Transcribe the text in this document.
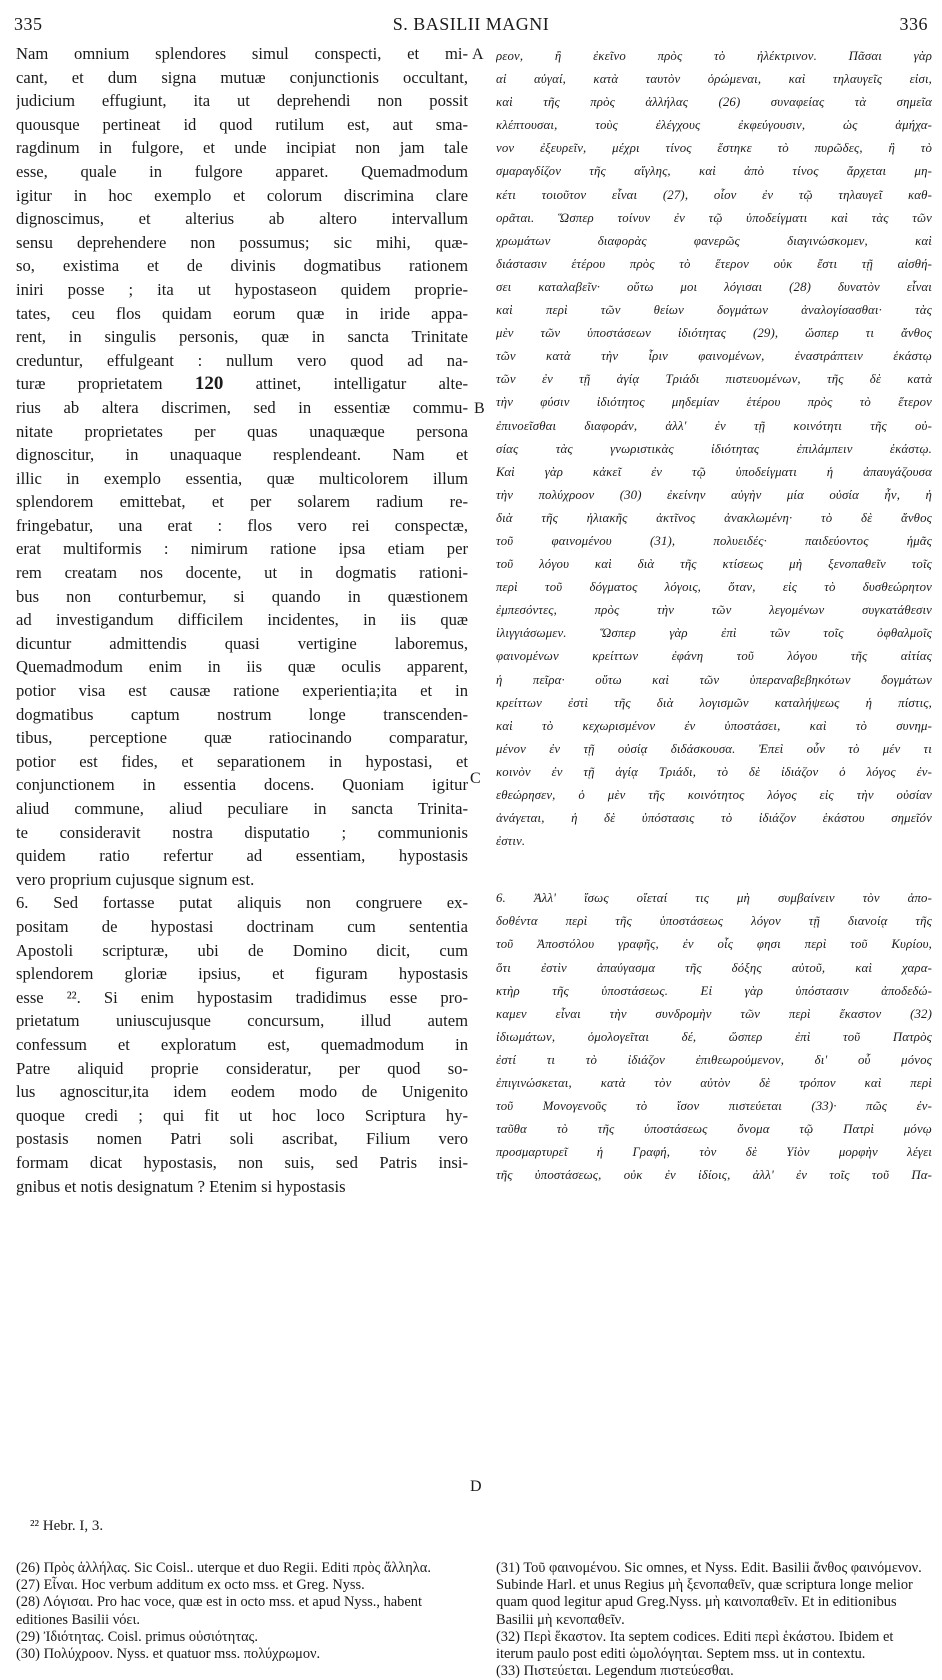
335	S. BASILII MAGNI	336
A
B
C
D
Nam omnium splendores simul conspecti, et mi-
cant, et dum signa mutuæ conjunctionis occultant,
judicium effugiunt, ita ut deprehendi non possit
quousque pertineat id quod rutilum est, aut sma-
ragdinum in fulgore, et unde incipiat non jam tale
esse, quale in fulgore apparet. Quemadmodum
igitur in hoc exemplo et colorum discrimina clare
dignoscimus, et alterius ab altero intervallum
sensu deprehendere non possumus; sic mihi, quæ-
so, existima et de divinis dogmatibus rationem
iniri posse ; ita ut hypostaseon quidem proprie-
tates, ceu flos quidam eorum quæ in iride appa-
rent, in singulis personis, quæ in sancta Trinitate
creduntur, effulgeant : nullum vero quod ad na-
turæ proprietatem 120 attinet, intelligatur alte-
rius ab altera discrimen, sed in essentiæ commu-
nitate proprietates per quas unaquæque persona
dignoscitur, in unaquaque resplendeant. Nam et
illic in exemplo essentia, quæ multicolorem illum
splendorem emittebat, et per solarem radium re-
fringebatur, una erat : flos vero rei conspectæ,
erat multiformis : nimirum ratione ipsa etiam per
rem creatam nos docente, ut in dogmatis rationi-
bus non conturbemur, si quando in quæstionem
ad investigandum difficilem incidentes, in iis quæ
dicuntur admittendis quasi vertigine laboremus,
Quemadmodum enim in iis quæ oculis apparent,
potior visa est causæ ratione experientia;ita et in
dogmatibus captum nostrum longe transcenden-
tibus, perceptione quæ ratiocinando comparatur,
potior est fides, et separationem in hypostasi, et
conjunctionem in essentia docens. Quoniam igitur
aliud commune, aliud peculiare in sancta Trinita-
te consideravit nostra disputatio ; communionis
quidem ratio refertur ad essentiam, hypostasis
vero proprium cujusque signum est.
6. Sed fortasse putat aliquis non congruere ex-
positam de hypostasi doctrinam cum sententia
Apostoli scripturæ, ubi de Domino dicit, cum
splendorem gloriæ ipsius, et figuram hypostasis
esse ²². Si enim hypostasim tradidimus esse pro-
prietatum uniuscujusque concursum, illud autem
confessum et exploratum est, quemadmodum in
Patre aliquid proprie consideratur, per quod so-
lus agnoscitur,ita idem eodem modo de Unigenito
quoque credi ; qui fit ut hoc loco Scriptura hy-
postasis nomen Patri soli ascribat, Filium vero
formam dicat hypostasis, non suis, sed Patris insi-
gnibus et notis designatum ? Etenim si hypostasis
ρεον, ἢ ἐκεῖνο πρὸς τὸ ἠλέκτρινον. Πᾶσαι γὰρ
αἱ αὐγαί, κατὰ ταυτὸν ὁρώμεναι, καὶ τηλαυγεῖς εἰσι,
καὶ τῆς πρὸς ἀλλήλας (26) συναφείας τὰ σημεῖα
κλέπτουσαι, τοὺς ἐλέγχους ἐκφεύγουσιν, ὡς ἀμήχα-
νον ἐξευρεῖν, μέχρι τίνος ἕστηκε τὸ πυρῶδες, ἢ τὸ
σμαραγδίζον τῆς αἴγλης, καὶ ἀπὸ τίνος ἄρχεται μη-
κέτι τοιοῦτον εἶναι (27), οἷον ἐν τῷ τηλαυγεῖ καθ-
ορᾶται. Ὥσπερ τοίνυν ἐν τῷ ὑποδείγματι καὶ τὰς τῶν
χρωμάτων διαφορὰς φανερῶς διαγινώσκομεν, καὶ
διάστασιν ἑτέρου πρὸς τὸ ἕτερον οὐκ ἔστι τῇ αἰσθή-
σει καταλαβεῖν· οὕτω μοι λόγισαι (28) δυνατὸν εἶναι
καὶ περὶ τῶν θείων δογμάτων ἀναλογίσασθαι· τὰς
μὲν τῶν ὑποστάσεων ἰδιότητας (29), ὥσπερ τι ἄνθος
τῶν κατὰ τὴν ἶριν φαινομένων, ἐναστράπτειν ἑκάστῳ
τῶν ἐν τῇ ἁγίᾳ Τριάδι πιστευομένων, τῆς δὲ κατὰ
τὴν φύσιν ἰδιότητος μηδεμίαν ἑτέρου πρὸς τὸ ἕτερον
ἐπινοεῖσθαι διαφοράν, ἀλλ' ἐν τῇ κοινότητι τῆς οὐ-
σίας τὰς γνωριστικὰς ἰδιότητας ἐπιλάμπειν ἑκάστῳ.
Καὶ γὰρ κἀκεῖ ἐν τῷ ὑποδείγματι ἡ ἀπαυγάζουσα
τὴν πολύχροον (30) ἐκείνην αὐγὴν μία οὐσία ἦν, ἡ
διὰ τῆς ἡλιακῆς ἀκτῖνος ἀνακλωμένη· τὸ δὲ ἄνθος
τοῦ φαινομένου (31), πολυειδές· παιδεύοντος ἡμᾶς
τοῦ λόγου καὶ διὰ τῆς κτίσεως μὴ ξενοπαθεῖν τοῖς
περὶ τοῦ δόγματος λόγοις, ὅταν, εἰς τὸ δυσθεώρητον
ἐμπεσόντες, πρὸς τὴν τῶν λεγομένων συγκατάθεσιν
ἰλιγγιάσωμεν. Ὥσπερ γὰρ ἐπὶ τῶν τοῖς ὀφθαλμοῖς
φαινομένων κρείττων ἐφάνη τοῦ λόγου τῆς αἰτίας
ἡ πεῖρα· οὕτω καὶ τῶν ὑπεραναβεβηκότων δογμάτων
κρείττων ἐστὶ τῆς διὰ λογισμῶν καταλήψεως ἡ πίστις,
καὶ τὸ κεχωρισμένον ἐν ὑποστάσει, καὶ τὸ συνημ-
μένον ἐν τῇ οὐσίᾳ διδάσκουσα. Ἐπεὶ οὖν τὸ μέν τι
κοινὸν ἐν τῇ ἁγίᾳ Τριάδι, τὸ δὲ ἰδιάζον ὁ λόγος ἐν-
εθεώρησεν, ὁ μὲν τῆς κοινότητος λόγος εἰς τὴν οὐσίαν
ἀνάγεται, ἡ δὲ ὑπόστασις τὸ ἰδιάζον ἑκάστου σημεῖόν
ἐστιν.
6. Ἀλλ' ἴσως οἴεταί τις μὴ συμβαίνειν τὸν ἀπο-
δοθέντα περὶ τῆς ὑποστάσεως λόγον τῇ διανοίᾳ τῆς
τοῦ Ἀποστόλου γραφῆς, ἐν οἷς φησι περὶ τοῦ Κυρίου,
ὅτι ἐστὶν ἀπαύγασμα τῆς δόξης αὐτοῦ, καὶ χαρα-
κτὴρ τῆς ὑποστάσεως. Εἰ γὰρ ὑπόστασιν ἀποδεδώ-
καμεν εἶναι τὴν συνδρομὴν τῶν περὶ ἕκαστον (32)
ἰδιωμάτων, ὁμολογεῖται δέ, ὥσπερ ἐπὶ τοῦ Πατρὸς
ἐστί τι τὸ ἰδιάζον ἐπιθεωρούμενον, δι' οὗ μόνος
ἐπιγινώσκεται, κατὰ τὸν αὐτὸν δὲ τρόπον καὶ περὶ
τοῦ Μονογενοῦς τὸ ἴσον πιστεύεται (33)· πῶς ἐν-
ταῦθα τὸ τῆς ὑποστάσεως ὄνομα τῷ Πατρὶ μόνῳ
προσμαρτυρεῖ ἡ Γραφή, τὸν δὲ Υἱὸν μορφὴν λέγει
τῆς ὑποστάσεως, οὐκ ἐν ἰδίοις, ἀλλ' ἐν τοῖς τοῦ Πα-
²² Hebr. I, 3.

(26) Πρὸς ἀλλήλας. Sic Coisl.. uterque et duo Regii. Editi πρὸς ἄλληλα.

(27) Εἶναι. Hoc verbum additum ex octo mss. et Greg. Nyss.

(28) Λόγισαι. Pro hac voce, quæ est in octo mss. et apud Nyss., habent editiones Basilii νόει.

(29) Ἰδιότητας. Coisl. primus οὐσιότητας.

(30) Πολύχροον. Nyss. et quatuor mss. πολύχρωμον.

(31) Τοῦ φαινομένου. Sic omnes, et Nyss. Edit. Basilii ἄνθος φαινόμενον. Subinde Harl. et unus Regius μὴ ξενοπαθεῖν, quæ scriptura longe melior quam quod legitur apud Greg.Nyss. μὴ καινοπαθεῖν. Et in editionibus Basilii μὴ κενοπαθεῖν.

(32) Περὶ ἕκαστον. Ita septem codices. Editi περὶ ἑκάστου. Ibidem et iterum paulo post editi ὡμολόγηται. Septem mss. ut in contextu.

(33) Πιστεύεται. Legendum πιστεύεσθαι.
